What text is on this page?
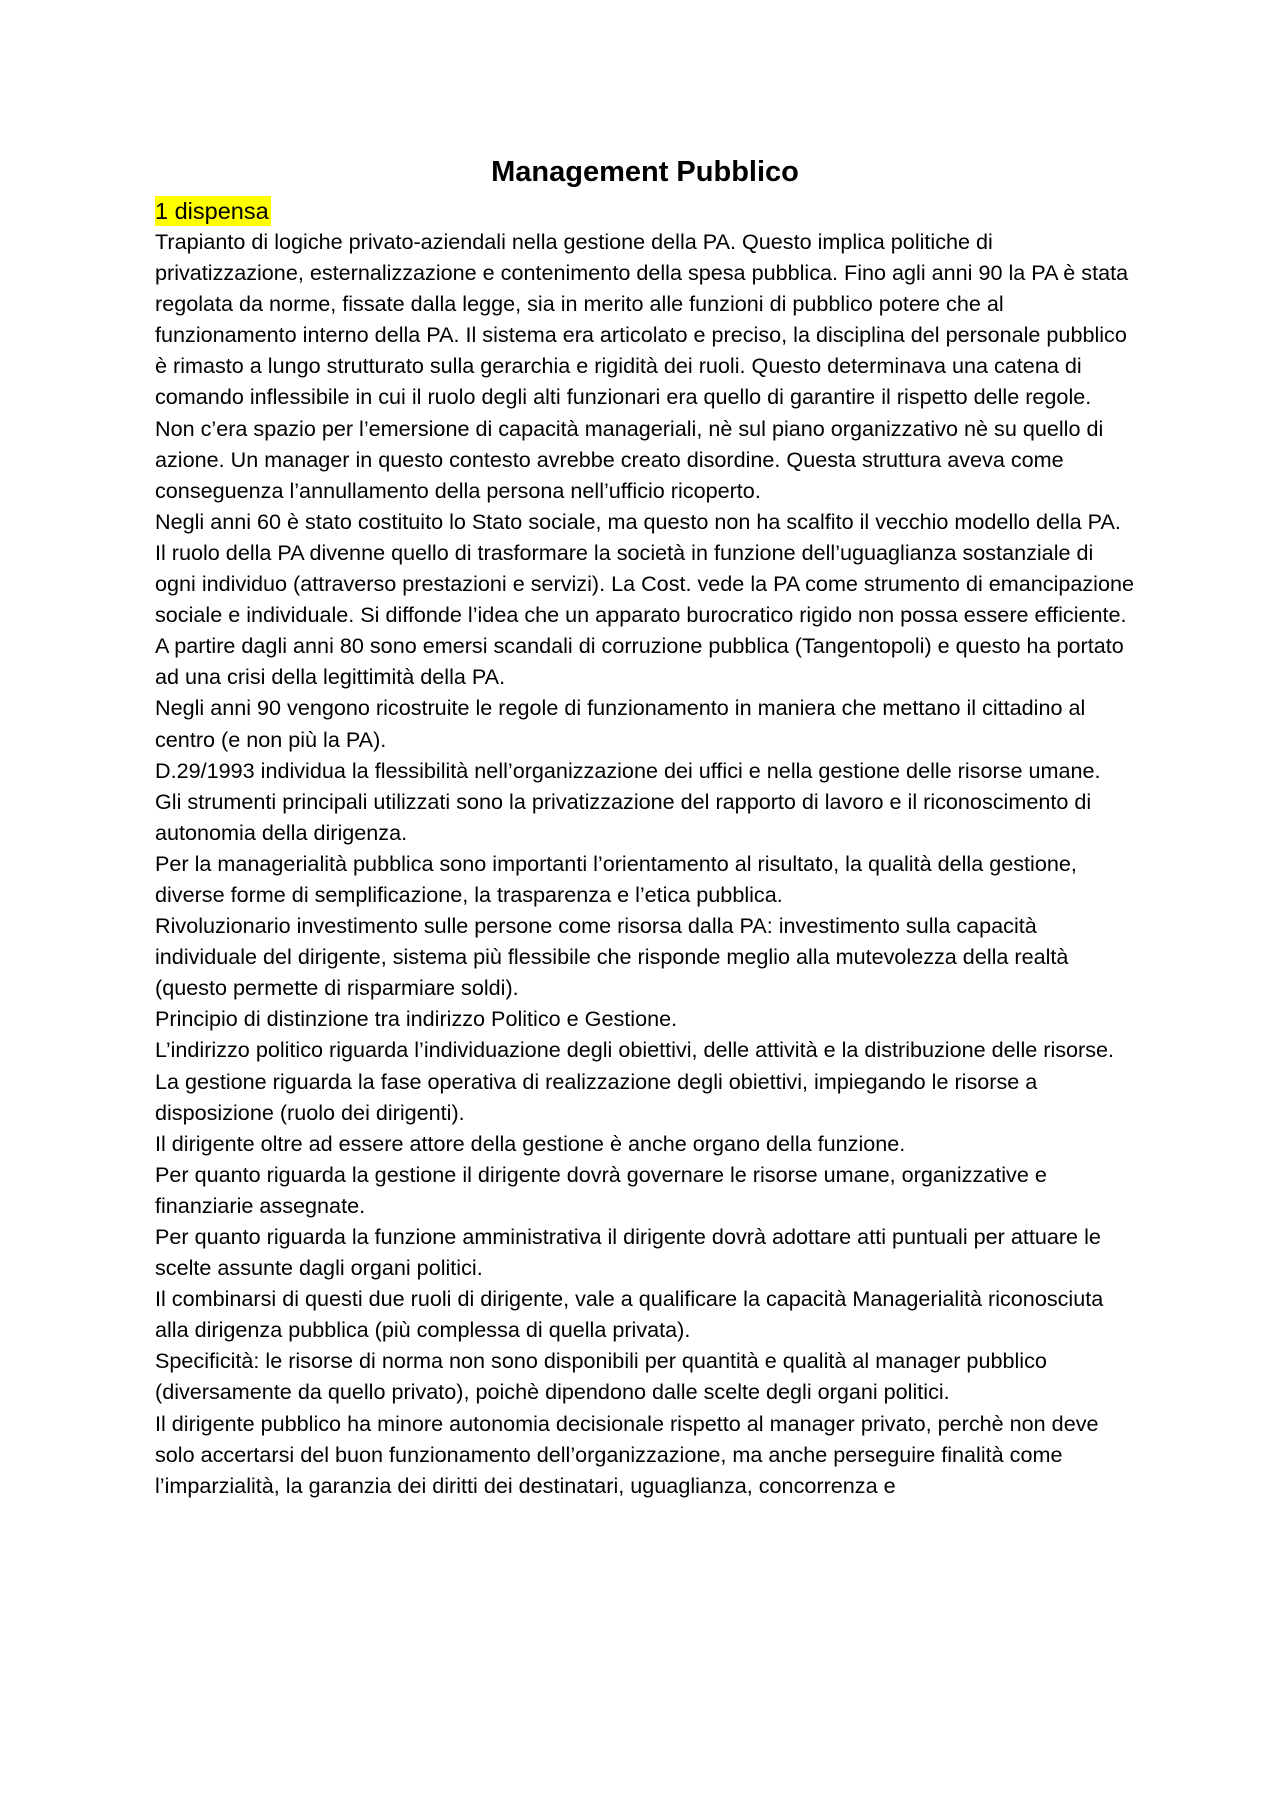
Management Pubblico
1 dispensa

Trapianto di logiche privato-aziendali nella gestione della PA. Questo implica politiche di privatizzazione, esternalizzazione e contenimento della spesa pubblica. Fino agli anni 90 la PA è stata regolata da norme, fissate dalla legge, sia in merito alle funzioni di pubblico potere che al funzionamento interno della PA. Il sistema era articolato e preciso, la disciplina del personale pubblico è rimasto a lungo strutturato sulla gerarchia e rigidità dei ruoli. Questo determinava una catena di comando inflessibile in cui il ruolo degli alti funzionari era quello di garantire il rispetto delle regole. Non c’era spazio per l’emersione di capacità manageriali, nè sul piano organizzativo nè su quello di azione. Un manager in questo contesto avrebbe creato disordine. Questa struttura aveva come conseguenza l’annullamento della persona nell’ufficio ricoperto.

Negli anni 60 è stato costituito lo Stato sociale, ma questo non ha scalfito il vecchio modello della PA. Il ruolo della PA divenne quello di trasformare la società in funzione dell’uguaglianza sostanziale di ogni individuo (attraverso prestazioni e servizi). La Cost. vede la PA come strumento di emancipazione sociale e individuale. Si diffonde l’idea che un apparato burocratico rigido non possa essere efficiente.

A partire dagli anni 80 sono emersi scandali di corruzione pubblica (Tangentopoli) e questo ha portato ad una crisi della legittimità della PA.

Negli anni 90 vengono ricostruite le regole di funzionamento in maniera che mettano il cittadino al centro (e non più la PA).

D.29/1993 individua la flessibilità nell’organizzazione dei uffici e nella gestione delle risorse umane.

Gli strumenti principali utilizzati sono la privatizzazione del rapporto di lavoro e il riconoscimento di autonomia della dirigenza.

Per la managerialità pubblica sono importanti l’orientamento al risultato, la qualità della gestione, diverse forme di semplificazione, la trasparenza e l’etica pubblica.

Rivoluzionario investimento sulle persone come risorsa dalla PA: investimento sulla capacità individuale del dirigente, sistema più flessibile che risponde meglio alla mutevolezza della realtà (questo permette di risparmiare soldi).

Principio di distinzione tra indirizzo Politico e Gestione.

L’indirizzo politico riguarda l’individuazione degli obiettivi, delle attività e la distribuzione delle risorse.

La gestione riguarda la fase operativa di realizzazione degli obiettivi, impiegando le risorse a disposizione (ruolo dei dirigenti).

Il dirigente oltre ad essere attore della gestione è anche organo della funzione.

Per quanto riguarda la gestione il dirigente dovrà governare le risorse umane, organizzative e finanziarie assegnate.

Per quanto riguarda la funzione amministrativa il dirigente dovrà adottare atti puntuali per attuare le scelte assunte dagli organi politici.

Il combinarsi di questi due ruoli di dirigente, vale a qualificare la capacità Managerialità riconosciuta alla dirigenza pubblica (più complessa di quella privata).

Specificità: le risorse di norma non sono disponibili per quantità e qualità al manager pubblico (diversamente da quello privato), poichè dipendono dalle scelte degli organi politici.

Il dirigente pubblico ha minore autonomia decisionale rispetto al manager privato, perchè non deve solo accertarsi del buon funzionamento dell’organizzazione, ma anche perseguire finalità come l’imparzialità, la garanzia dei diritti dei destinatari, uguaglianza, concorrenza e
